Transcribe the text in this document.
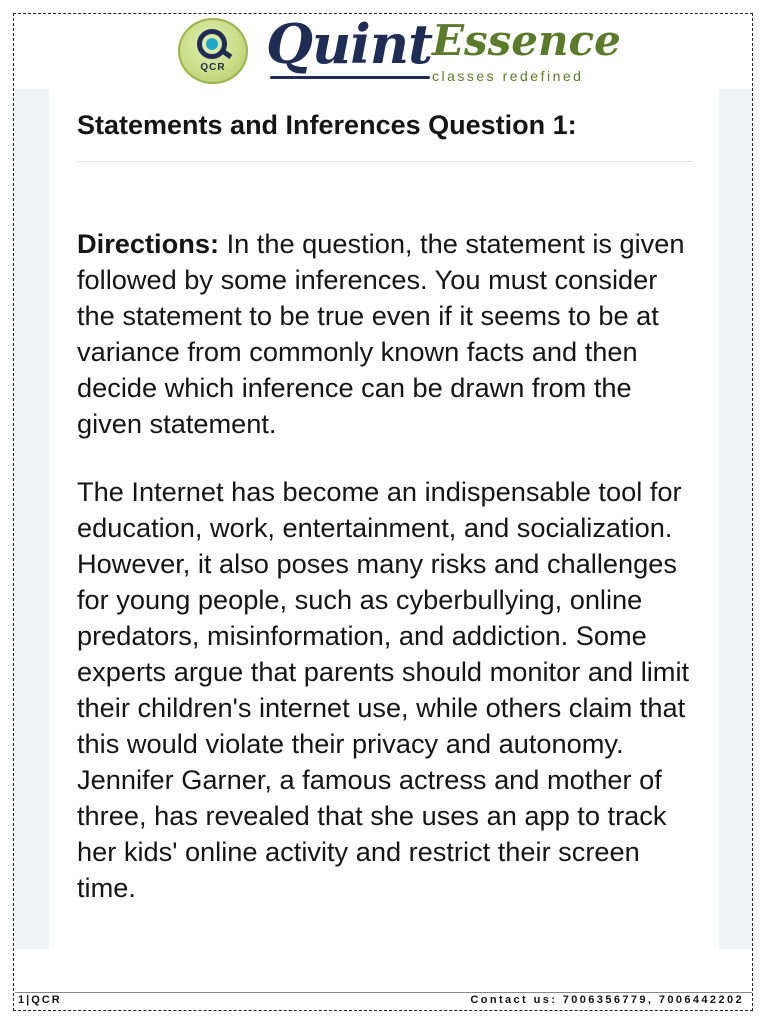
QCR Quint Essence
classes redefined
Statements and Inferences Question 1:

Directions: In the question, the statement is given followed by some inferences. You must consider the statement to be true even if it seems to be at variance from commonly known facts and then decide which inference can be drawn from the given statement.

The Internet has become an indispensable tool for education, work, entertainment, and socialization. However, it also poses many risks and challenges for young people, such as cyberbullying, online predators, misinformation, and addiction. Some experts argue that parents should monitor and limit their children's internet use, while others claim that this would violate their privacy and autonomy. Jennifer Garner, a famous actress and mother of three, has revealed that she uses an app to track her kids' online activity and restrict their screen time.

1|QCR	Contact us: 7006356779, 7006442202
